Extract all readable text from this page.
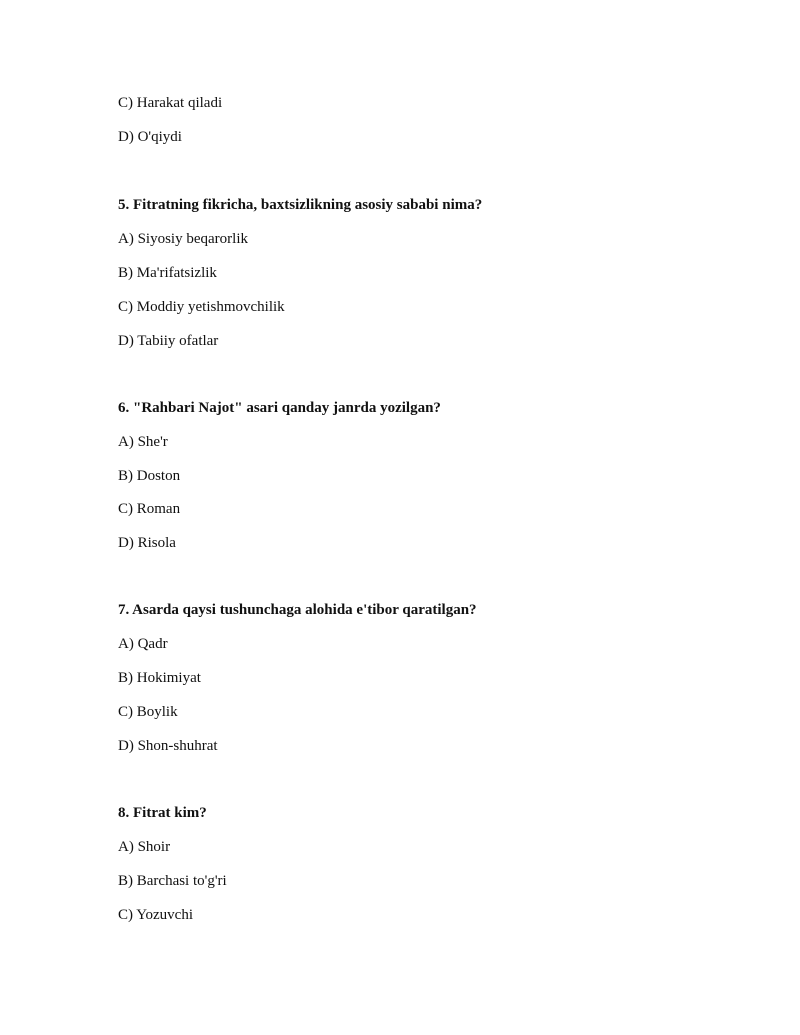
C) Harakat qiladi
D) O'qiydi
5. Fitratning fikricha, baxtsizlikning asosiy sababi nima?
A) Siyosiy beqarorlik
B) Ma'rifatsizlik
C) Moddiy yetishmovchilik
D) Tabiiy ofatlar
6. "Rahbari Najot" asari qanday janrda yozilgan?
A) She'r
B) Doston
C) Roman
D) Risola
7. Asarda qaysi tushunchaga alohida e'tibor qaratilgan?
A) Qadr
B) Hokimiyat
C) Boylik
D) Shon-shuhrat
8. Fitrat kim?
A) Shoir
B) Barchasi to'g'ri
C) Yozuvchi
